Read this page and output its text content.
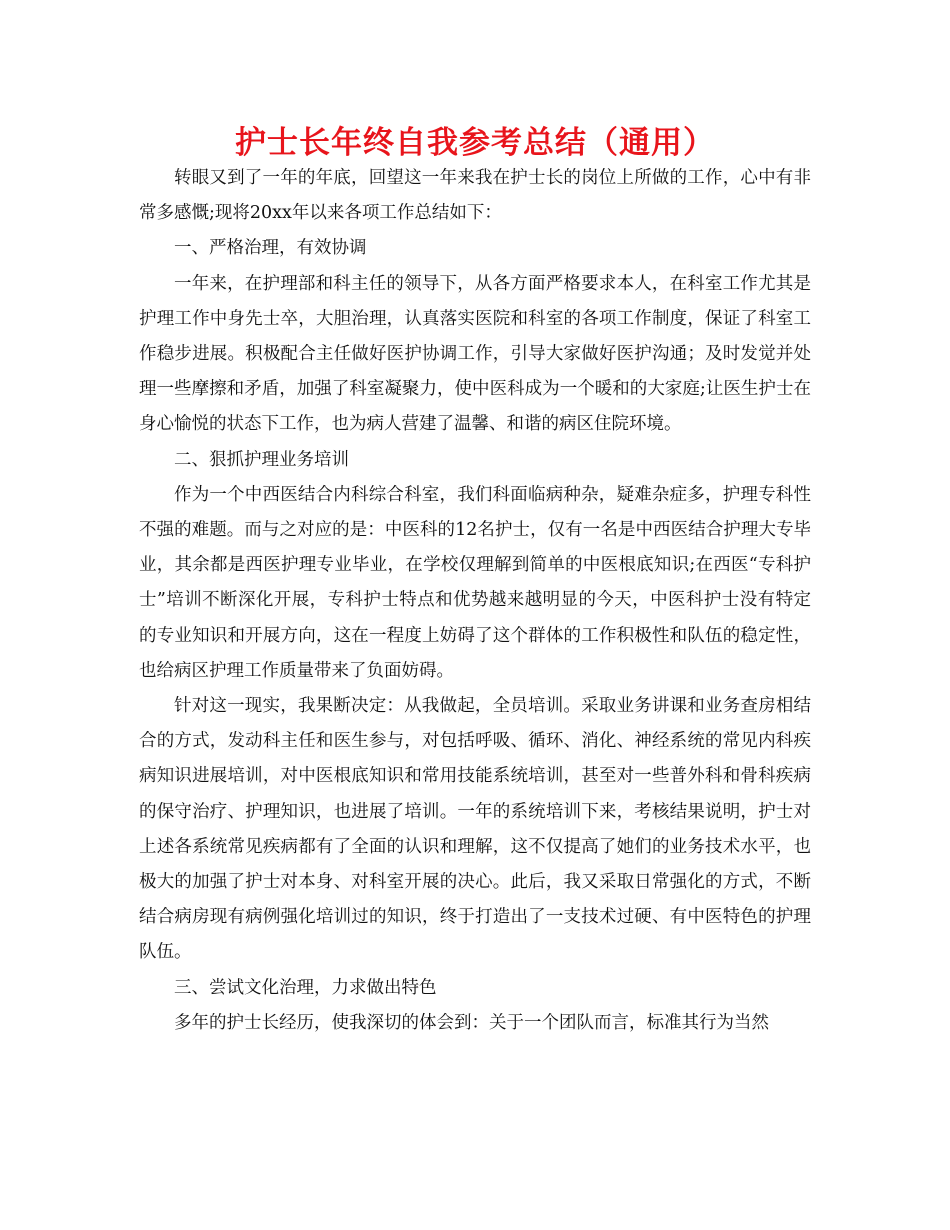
护士长年终自我参考总结（通用）

转眼又到了一年的年底，回望这一年来我在护士长的岗位上所做的工作，心中有非常多感慨;现将20xx年以来各项工作总结如下：

一、严格治理，有效协调

一年来，在护理部和科主任的领导下，从各方面严格要求本人，在科室工作尤其是护理工作中身先士卒，大胆治理，认真落实医院和科室的各项工作制度，保证了科室工作稳步进展。积极配合主任做好医护协调工作，引导大家做好医护沟通；及时发觉并处理一些摩擦和矛盾，加强了科室凝聚力，使中医科成为一个暖和的大家庭;让医生护士在身心愉悦的状态下工作，也为病人营建了温馨、和谐的病区住院环境。

二、狠抓护理业务培训

作为一个中西医结合内科综合科室，我们科面临病种杂，疑难杂症多，护理专科性不强的难题。而与之对应的是：中医科的12名护士，仅有一名是中西医结合护理大专毕业，其余都是西医护理专业毕业，在学校仅理解到简单的中医根底知识;在西医“专科护士”培训不断深化开展，专科护士特点和优势越来越明显的今天，中医科护士没有特定的专业知识和开展方向，这在一程度上妨碍了这个群体的工作积极性和队伍的稳定性，也给病区护理工作质量带来了负面妨碍。

针对这一现实，我果断决定：从我做起，全员培训。采取业务讲课和业务查房相结合的方式，发动科主任和医生参与，对包括呼吸、循环、消化、神经系统的常见内科疾病知识进展培训，对中医根底知识和常用技能系统培训，甚至对一些普外科和骨科疾病的保守治疗、护理知识，也进展了培训。一年的系统培训下来，考核结果说明，护士对上述各系统常见疾病都有了全面的认识和理解，这不仅提高了她们的业务技术水平，也极大的加强了护士对本身、对科室开展的决心。此后，我又采取日常强化的方式，不断结合病房现有病例强化培训过的知识，终于打造出了一支技术过硬、有中医特色的护理队伍。

三、尝试文化治理，力求做出特色

多年的护士长经历，使我深切的体会到：关于一个团队而言，标准其行为当然
